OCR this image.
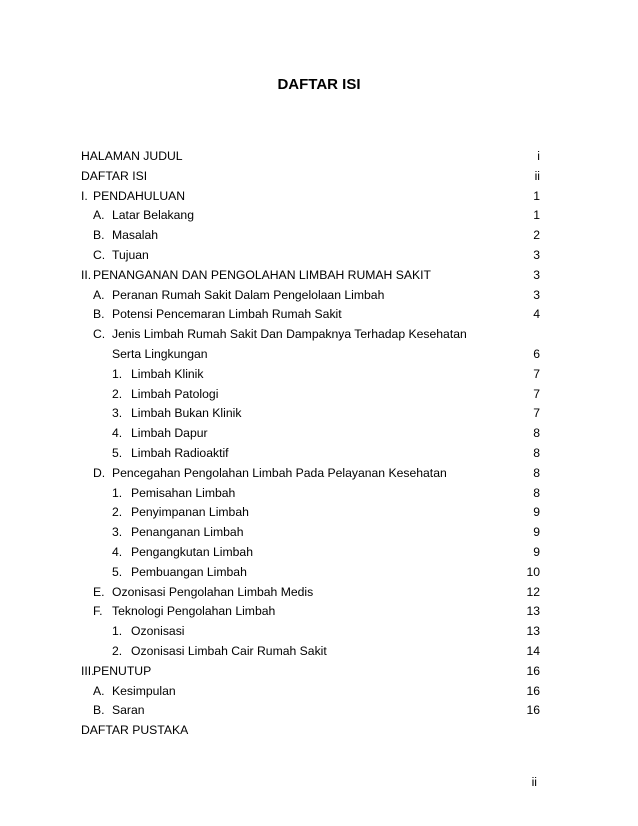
DAFTAR ISI
HALAMAN JUDUL	i
DAFTAR ISI	ii
I. PENDAHULUAN	1
A. Latar Belakang	1
B. Masalah	2
C. Tujuan	3
II. PENANGANAN DAN PENGOLAHAN LIMBAH RUMAH SAKIT	3
A. Peranan Rumah Sakit Dalam Pengelolaan Limbah	3
B. Potensi Pencemaran Limbah Rumah Sakit	4
C. Jenis Limbah Rumah Sakit Dan Dampaknya Terhadap Kesehatan
Serta Lingkungan	6
1. Limbah Klinik	7
2. Limbah Patologi	7
3. Limbah Bukan Klinik	7
4. Limbah Dapur	8
5. Limbah Radioaktif	8
D. Pencegahan Pengolahan Limbah Pada Pelayanan Kesehatan	8
1. Pemisahan Limbah	8
2. Penyimpanan Limbah	9
3. Penanganan Limbah	9
4. Pengangkutan Limbah	9
5. Pembuangan Limbah	10
E. Ozonisasi Pengolahan Limbah Medis	12
F. Teknologi Pengolahan Limbah	13
1. Ozonisasi	13
2. Ozonisasi Limbah Cair Rumah Sakit	14
III.
PENUTUP	16
A. Kesimpulan	16
B. Saran	16
DAFTAR PUSTAKA
ii
